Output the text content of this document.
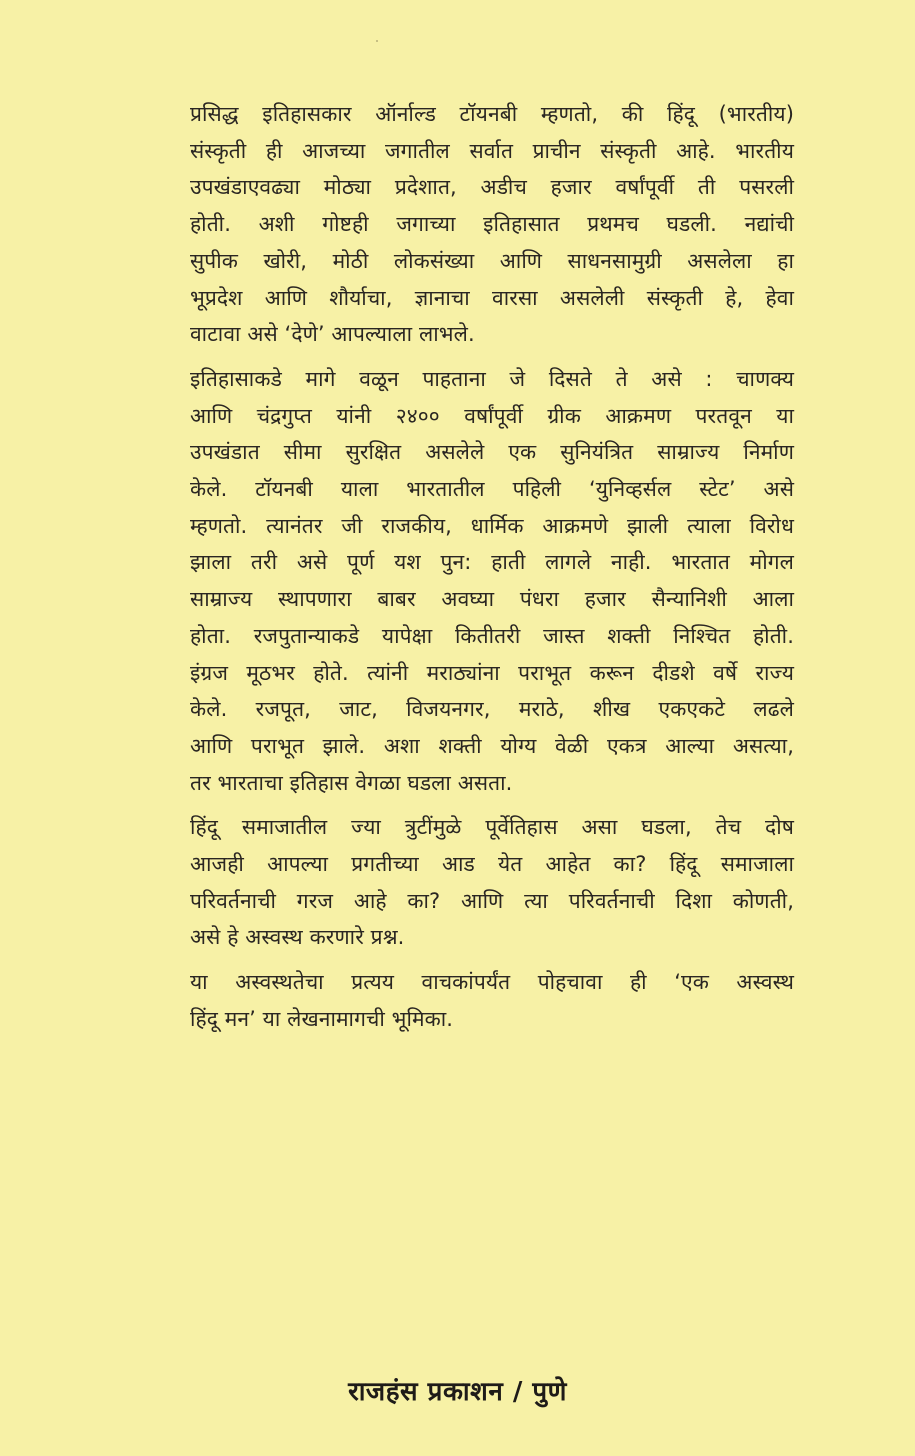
प्रसिद्ध इतिहासकार ऑर्नाल्ड टॉयनबी म्हणतो, की हिंदू (भारतीय)
संस्कृती ही आजच्या जगातील सर्वात प्राचीन संस्कृती आहे. भारतीय
उपखंडाएवढ्या मोठ्या प्रदेशात, अडीच हजार वर्षांपूर्वी ती पसरली
होती. अशी गोष्टही जगाच्या इतिहासात प्रथमच घडली. नद्यांची
सुपीक खोरी, मोठी लोकसंख्या आणि साधनसामुग्री असलेला हा
भूप्रदेश आणि शौर्याचा, ज्ञानाचा वारसा असलेली संस्कृती हे, हेवा
वाटावा असे ‘देणे’ आपल्याला लाभले.
इतिहासाकडे मागे वळून पाहताना जे दिसते ते असे : चाणक्य
आणि चंद्रगुप्त यांनी २४०० वर्षांपूर्वी ग्रीक आक्रमण परतवून या
उपखंडात सीमा सुरक्षित असलेले एक सुनियंत्रित साम्राज्य निर्माण
केले. टॉयनबी याला भारतातील पहिली ‘युनिव्हर्सल स्टेट’ असे
म्हणतो. त्यानंतर जी राजकीय, धार्मिक आक्रमणे झाली त्याला विरोध
झाला तरी असे पूर्ण यश पुन: हाती लागले नाही. भारतात मोगल
साम्राज्य स्थापणारा बाबर अवघ्या पंधरा हजार सैन्यानिशी आला
होता. रजपुतान्याकडे यापेक्षा कितीतरी जास्त शक्ती निश्चित होती.
इंग्रज मूठभर होते. त्यांनी मराठ्यांना पराभूत करून दीडशे वर्षे राज्य
केले. रजपूत, जाट, विजयनगर, मराठे, शीख एकएकटे लढले
आणि पराभूत झाले. अशा शक्ती योग्य वेळी एकत्र आल्या असत्या,
तर भारताचा इतिहास वेगळा घडला असता.
हिंदू समाजातील ज्या त्रुटींमुळे पूर्वेतिहास असा घडला, तेच दोष
आजही आपल्या प्रगतीच्या आड येत आहेत का? हिंदू समाजाला
परिवर्तनाची गरज आहे का? आणि त्या परिवर्तनाची दिशा कोणती,
असे हे अस्वस्थ करणारे प्रश्न.
या अस्वस्थतेचा प्रत्यय वाचकांपर्यंत पोहचावा ही ‘एक अस्वस्थ
हिंदू मन’ या लेखनामागची भूमिका.
राजहंस प्रकाशन / पुणे
